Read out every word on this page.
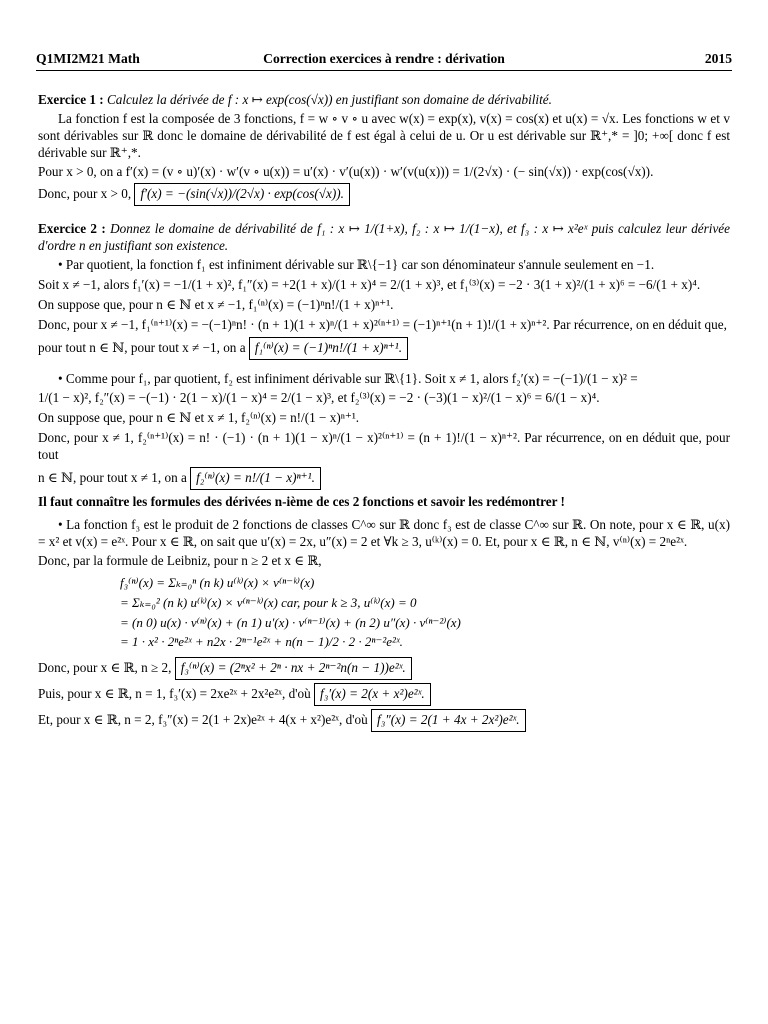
Q1MI2M21 Math	Correction exercices à rendre : dérivation	2015

Exercice 1 : Calculez la dérivée de f : x ↦ exp(cos(√x)) en justifiant son domaine de dérivabilité.

La fonction f est la composée de 3 fonctions, f = w ∘ v ∘ u avec w(x) = exp(x), v(x) = cos(x) et u(x) = √x. Les fonctions w et v sont dérivables sur ℝ donc le domaine de dérivabilité de f est égal à celui de u. Or u est dérivable sur ℝ⁺,* = ]0; +∞[ donc f est dérivable sur ℝ⁺,*.

Pour x > 0, on a f′(x) = (v ∘ u)′(x) · w′(v ∘ u(x)) = u′(x) · v′(u(x)) · w′(v(u(x))) = 1/(2√x) · (− sin(√x)) · exp(cos(√x)).

Donc, pour x > 0, f′(x) = −(sin(√x))/(2√x) · exp(cos(√x)).

Exercice 2 : Donnez le domaine de dérivabilité de f₁ : x ↦ 1/(1+x), f₂ : x ↦ 1/(1−x), et f₃ : x ↦ x²eˣ puis calculez leur dérivée d'ordre n en justifiant son existence.

• Par quotient, la fonction f₁ est infiniment dérivable sur ℝ\{−1} car son dénominateur s'annule seulement en −1.

Soit x ≠ −1, alors f₁′(x) = −1/(1 + x)², f₁″(x) = +2(1 + x)/(1 + x)⁴ = 2/(1 + x)³, et f₁⁽³⁾(x) = −2 · 3(1 + x)²/(1 + x)⁶ = −6/(1 + x)⁴.

On suppose que, pour n ∈ ℕ et x ≠ −1, f₁⁽ⁿ⁾(x) = (−1)ⁿn!/(1 + x)ⁿ⁺¹.

Donc, pour x ≠ −1, f₁⁽ⁿ⁺¹⁾(x) = −(−1)ⁿn! · (n + 1)(1 + x)ⁿ/(1 + x)²⁽ⁿ⁺¹⁾ = (−1)ⁿ⁺¹(n + 1)!/(1 + x)ⁿ⁺². Par récurrence, on en déduit que,

pour tout n ∈ ℕ, pour tout x ≠ −1, on a f₁⁽ⁿ⁾(x) = (−1)ⁿn!/(1 + x)ⁿ⁺¹.

• Comme pour f₁, par quotient, f₂ est infiniment dérivable sur ℝ\{1}. Soit x ≠ 1, alors f₂′(x) = −(−1)/(1 − x)² =

1/(1 − x)², f₂″(x) = −(−1) · 2(1 − x)/(1 − x)⁴ = 2/(1 − x)³, et f₂⁽³⁾(x) = −2 · (−3)(1 − x)²/(1 − x)⁶ = 6/(1 − x)⁴.

On suppose que, pour n ∈ ℕ et x ≠ 1, f₂⁽ⁿ⁾(x) = n!/(1 − x)ⁿ⁺¹.

Donc, pour x ≠ 1, f₂⁽ⁿ⁺¹⁾(x) = n! · (−1) · (n + 1)(1 − x)ⁿ/(1 − x)²⁽ⁿ⁺¹⁾ = (n + 1)!/(1 − x)ⁿ⁺². Par récurrence, on en déduit que, pour tout

n ∈ ℕ, pour tout x ≠ 1, on a f₂⁽ⁿ⁾(x) = n!/(1 − x)ⁿ⁺¹.

Il faut connaître les formules des dérivées n-ième de ces 2 fonctions et savoir les redémontrer !

• La fonction f₃ est le produit de 2 fonctions de classes C^∞ sur ℝ donc f₃ est de classe C^∞ sur ℝ. On note, pour x ∈ ℝ, u(x) = x² et v(x) = e²ˣ. Pour x ∈ ℝ, on sait que u′(x) = 2x, u″(x) = 2 et ∀k ≥ 3, u⁽ᵏ⁾(x) = 0. Et, pour x ∈ ℝ, n ∈ ℕ, v⁽ⁿ⁾(x) = 2ⁿe²ˣ.

Donc, par la formule de Leibniz, pour n ≥ 2 et x ∈ ℝ,

f₃⁽ⁿ⁾(x) = Σₖ₌₀ⁿ (n k) u⁽ᵏ⁾(x) × v⁽ⁿ⁻ᵏ⁾(x)
= Σₖ₌₀² (n k) u⁽ᵏ⁾(x) × v⁽ⁿ⁻ᵏ⁾(x) car, pour k ≥ 3, u⁽ᵏ⁾(x) = 0
= (n 0) u(x) · v⁽ⁿ⁾(x) + (n 1) u′(x) · v⁽ⁿ⁻¹⁾(x) + (n 2) u″(x) · v⁽ⁿ⁻²⁾(x)
= 1 · x² · 2ⁿe²ˣ + n2x · 2ⁿ⁻¹e²ˣ + n(n − 1)/2 · 2 · 2ⁿ⁻²e²ˣ.

Donc, pour x ∈ ℝ, n ≥ 2, f₃⁽ⁿ⁾(x) = (2ⁿx² + 2ⁿ · nx + 2ⁿ⁻²n(n − 1))e²ˣ.

Puis, pour x ∈ ℝ, n = 1, f₃′(x) = 2xe²ˣ + 2x²e²ˣ, d'où f₃′(x) = 2(x + x²)e²ˣ.

Et, pour x ∈ ℝ, n = 2, f₃″(x) = 2(1 + 2x)e²ˣ + 4(x + x²)e²ˣ, d'où f₃″(x) = 2(1 + 4x + 2x²)e²ˣ.
